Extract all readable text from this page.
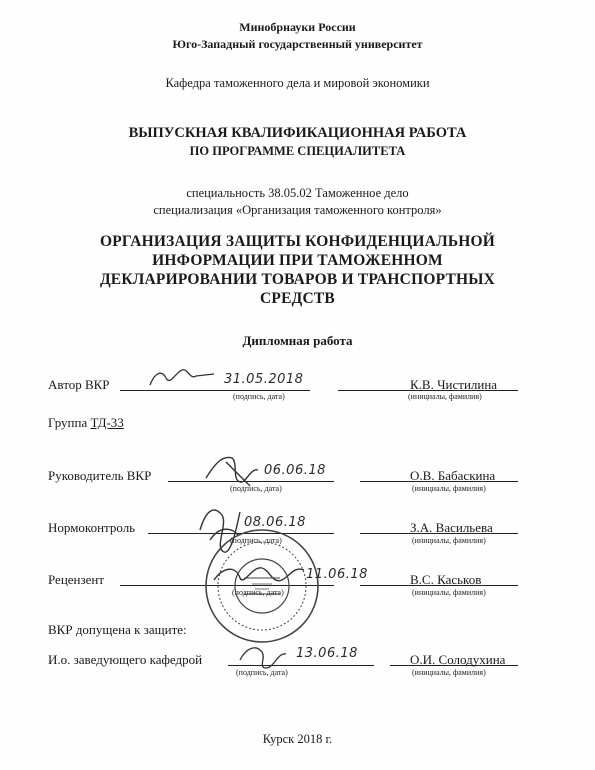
Минобрнауки России
Юго-Западный государственный университет
Кафедра таможенного дела и мировой экономики
ВЫПУСКНАЯ КВАЛИФИКАЦИОННАЯ РАБОТА
ПО ПРОГРАММЕ СПЕЦИАЛИТЕТА
специальность 38.05.02 Таможенное дело
специализация «Организация таможенного контроля»
ОРГАНИЗАЦИЯ ЗАЩИТЫ КОНФИДЕНЦИАЛЬНОЙ
ИНФОРМАЦИИ ПРИ ТАМОЖЕННОМ
ДЕКЛАРИРОВАНИИ ТОВАРОВ И ТРАНСПОРТНЫХ
СРЕДСТВ
Дипломная работа
Автор ВКР	31.05.2018
(подпись, дата)
К.В. Чистилина
(инициалы, фамилия)
Группа ТД-33
Руководитель ВКР	06.06.18
(подпись, дата)
О.В. Бабаскина
(инициалы, фамилия)
Нормоконтроль	08.06.18
(подпись, дата)
З.А. Васильева
(инициалы, фамилия)
Рецензент	11.06.18
(подпись, дата)
В.С. Каськов
(инициалы, фамилия)
ВКР допущена к защите:
И.о. заведующего кафедрой	13.06.18
(подпись, дата)
О.И. Солодухина
(инициалы, фамилия)
Курск 2018 г.
